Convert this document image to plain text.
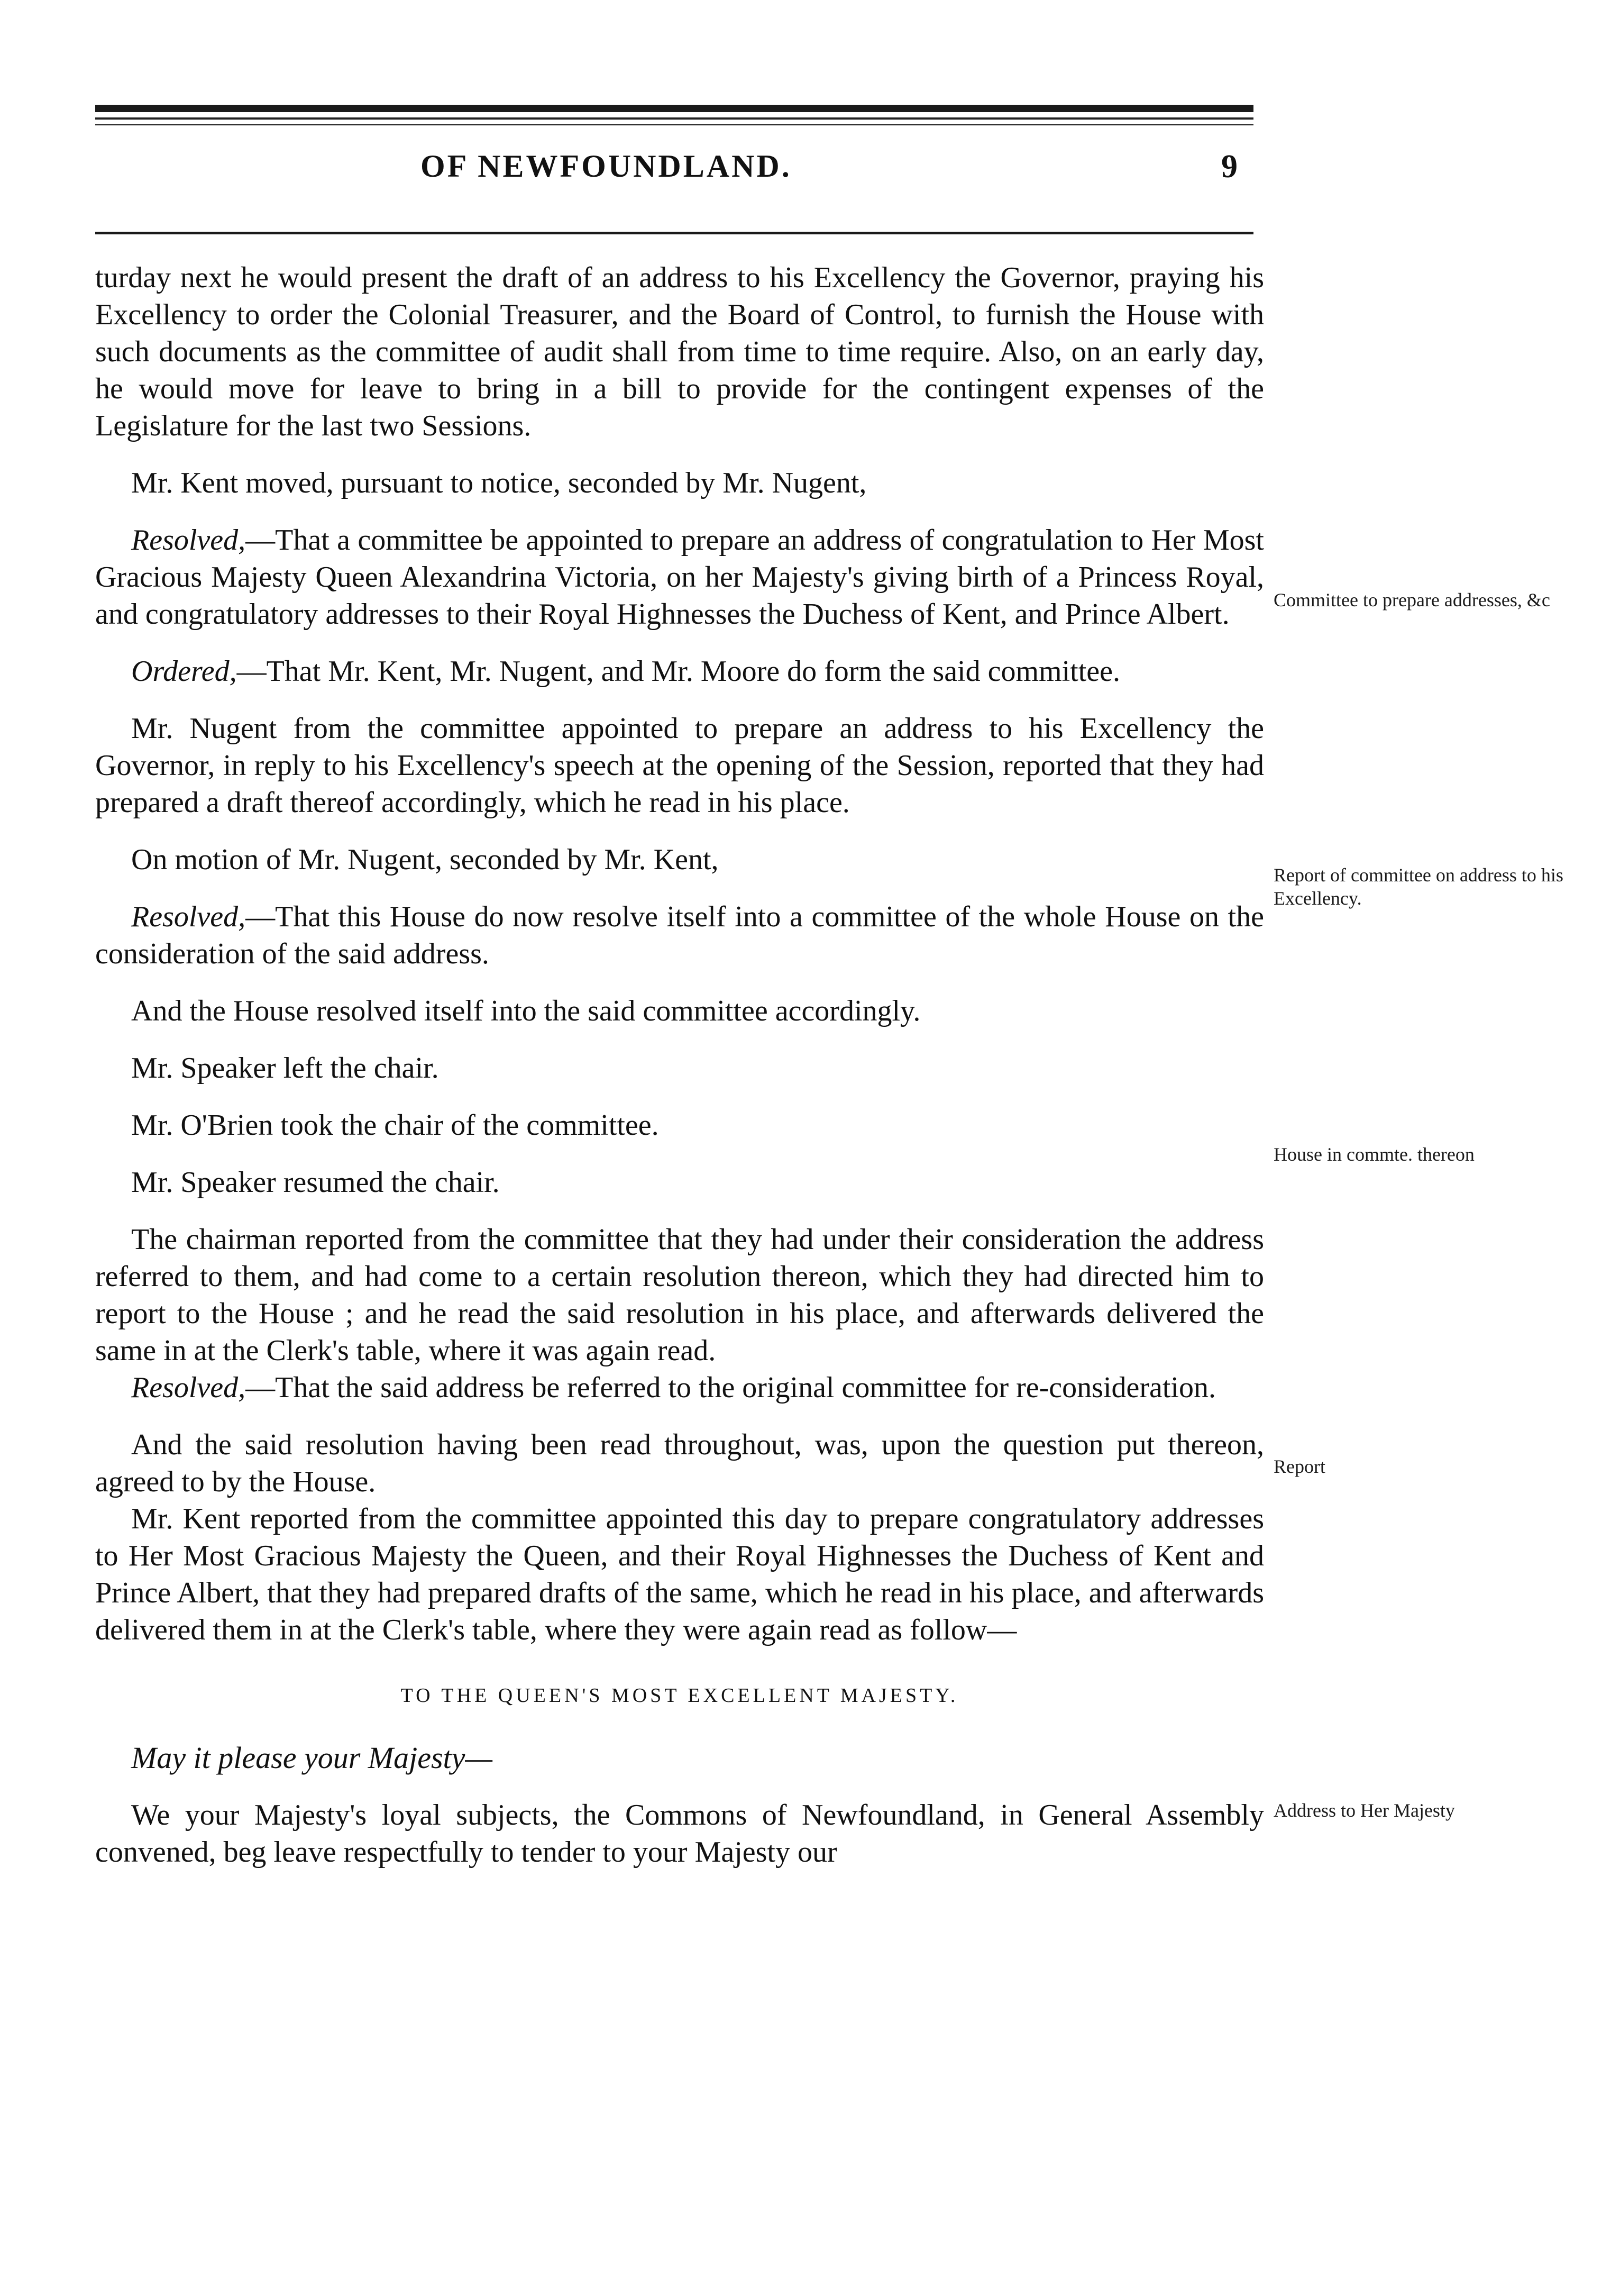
OF NEWFOUNDLAND.	9

turday next he would present the draft of an address to his Excellency the Governor, praying his Excellency to order the Colonial Treasurer, and the Board of Control, to furnish the House with such documents as the committee of audit shall from time to time require. Also, on an early day, he would move for leave to bring in a bill to provide for the contingent expenses of the Legislature for the last two Sessions.

Mr. Kent moved, pursuant to notice, seconded by Mr. Nugent,

Resolved,—That a committee be appointed to prepare an address of congratulation to Her Most Gracious Majesty Queen Alexandrina Victoria, on her Majesty's giving birth of a Princess Royal, and congratulatory addresses to their Royal Highnesses the Duchess of Kent, and Prince Albert.

Ordered,—That Mr. Kent, Mr. Nugent, and Mr. Moore do form the said committee.

Mr. Nugent from the committee appointed to prepare an address to his Excellency the Governor, in reply to his Excellency's speech at the opening of the Session, reported that they had prepared a draft thereof accordingly, which he read in his place.

On motion of Mr. Nugent, seconded by Mr. Kent,

Resolved,—That this House do now resolve itself into a committee of the whole House on the consideration of the said address.

And the House resolved itself into the said committee accordingly.

Mr. Speaker left the chair.

Mr. O'Brien took the chair of the committee.

Mr. Speaker resumed the chair.

The chairman reported from the committee that they had under their consideration the address referred to them, and had come to a certain resolution thereon, which they had directed him to report to the House ; and he read the said resolution in his place, and afterwards delivered the same in at the Clerk's table, where it was again read.

Resolved,—That the said address be referred to the original committee for re-consideration.

And the said resolution having been read throughout, was, upon the question put thereon, agreed to by the House.

Mr. Kent reported from the committee appointed this day to prepare congratulatory addresses to Her Most Gracious Majesty the Queen, and their Royal Highnesses the Duchess of Kent and Prince Albert, that they had prepared drafts of the same, which he read in his place, and afterwards delivered them in at the Clerk's table, where they were again read as follow—

TO THE QUEEN'S MOST EXCELLENT MAJESTY.

May it please your Majesty—

We your Majesty's loyal subjects, the Commons of Newfoundland, in General Assembly convened, beg leave respectfully to tender to your Majesty our

Committee to prepare addresses, &c
Report of committee on address to his Excellency.
House in commte. thereon
Report
Address to Her Majesty
